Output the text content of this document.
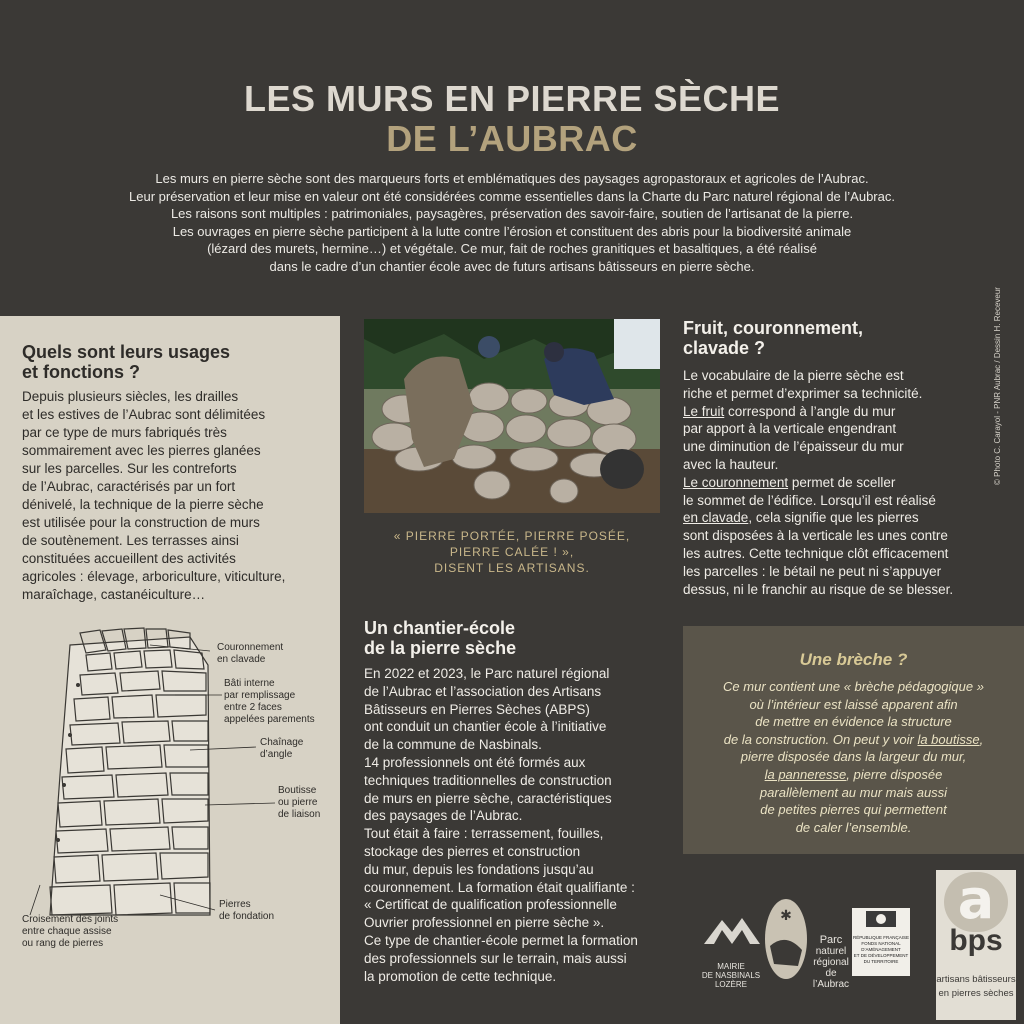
LES MURS EN PIERRE SÈCHE
DE L’AUBRAC
Les murs en pierre sèche sont des marqueurs forts et emblématiques des paysages agropastoraux et agricoles de l’Aubrac.
Leur préservation et leur mise en valeur ont été considérées comme essentielles dans la Charte du Parc naturel régional de l’Aubrac.
Les raisons sont multiples : patrimoniales, paysagères, préservation des savoir-faire, soutien de l’artisanat de la pierre.
Les ouvrages en pierre sèche participent à la lutte contre l’érosion et constituent des abris pour la biodiversité animale
(lézard des murets, hermine…) et végétale. Ce mur, fait de roches granitiques et basaltiques, a été réalisé
dans le cadre d’un chantier école avec de futurs artisans bâtisseurs en pierre sèche.
© Photo C. Carayol - PNR Aubrac / Dessin H. Receveur
Quels sont leurs usages
et fonctions ?
Depuis plusieurs siècles, les drailles
et les estives de l’Aubrac sont délimitées
par ce type de murs fabriqués très
sommairement avec les pierres glanées
sur les parcelles. Sur les contreforts
de l’Aubrac, caractérisés par un fort
dénivelé, la technique de la pierre sèche
est utilisée pour la construction de murs
de soutènement. Les terrasses ainsi
constituées accueillent des activités
agricoles : élevage, arboriculture, viticulture,
maraîchage, castanéiculture…
Couronnement
en clavade
Bâti interne
par remplissage
entre 2 faces
appelées parements
Chaînage
d’angle
Boutisse
ou pierre
de liaison
Pierres
de fondation
Croisement des joints
entre chaque assise
ou rang de pierres
« PIERRE PORTÉE, PIERRE POSÉE,
PIERRE CALÉE ! »,
DISENT LES ARTISANS.
Un chantier-école
de la pierre sèche
En 2022 et 2023, le Parc naturel régional
de l’Aubrac et l’association des Artisans
Bâtisseurs en Pierres Sèches (ABPS)
ont conduit un chantier école à l’initiative
de la commune de Nasbinals.
14 professionnels ont été formés aux
techniques traditionnelles de construction
de murs en pierre sèche, caractéristiques
des paysages de l’Aubrac.
Tout était à faire : terrassement, fouilles,
stockage des pierres et construction
du mur, depuis les fondations jusqu’au
couronnement. La formation était qualifiante :
« Certificat de qualification professionnelle
Ouvrier professionnel en pierre sèche ».
Ce type de chantier-école permet la formation
des professionnels sur le terrain, mais aussi
la promotion de cette technique.
Fruit, couronnement,
clavade ?
Le vocabulaire de la pierre sèche est
riche et permet d’exprimer sa technicité.
Le fruit correspond à l’angle du mur
par apport à la verticale engendrant
une diminution de l’épaisseur du mur
avec la hauteur.
Le couronnement permet de sceller
le sommet de l’édifice. Lorsqu’il est réalisé
en clavade, cela signifie que les pierres
sont disposées à la verticale les unes contre
les autres. Cette technique clôt efficacement
les parcelles : le bétail ne peut ni s’appuyer
dessus, ni le franchir au risque de se blesser.
Une brèche ?
Ce mur contient une « brèche pédagogique »
où l’intérieur est laissé apparent afin
de mettre en évidence la structure
de la construction. On peut y voir la boutisse,
pierre disposée dans la largeur du mur,
la panneresse, pierre disposée
parallèlement au mur mais aussi
de petites pierres qui permettent
de caler l’ensemble.
MAIRIE
DE NASBINALS
LOZÈRE
✱
Parc
naturel
régional
de l’Aubrac
RÉPUBLIQUE FRANÇAISE
FONDS NATIONAL
D’AMÉNAGEMENT
ET DE DÉVELOPPEMENT
DU TERRITOIRE
a
bps
artisans bâtisseurs
en pierres sèches
